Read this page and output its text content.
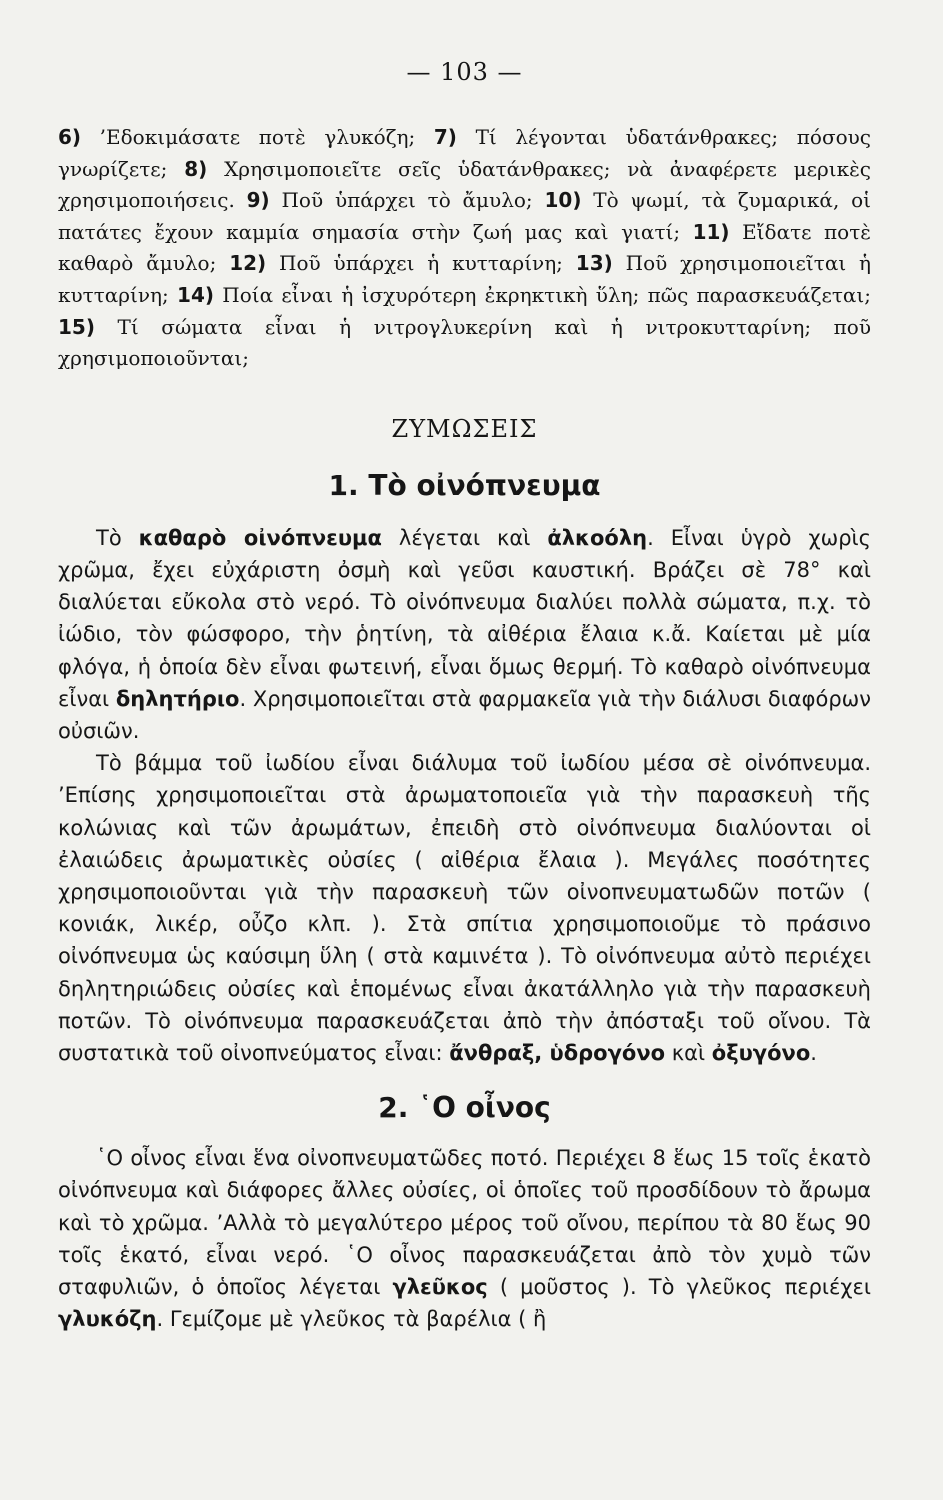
— 103 —

6) ’Εδοκιμάσατε ποτὲ γλυκόζη; 7) Τί λέγονται ὑδατάνθρακες; πόσους γνωρίζετε; 8) Χρησιμοποιεῖτε σεῖς ὑδατάνθρακες; νὰ ἀναφέρετε μερικὲς χρησιμοποιήσεις. 9) Ποῦ ὑπάρχει τὸ ἄμυλο; 10) Τὸ ψωμί, τὰ ζυμαρικά, οἱ πατάτες ἔχουν καμμία σημασία στὴν ζωή μας καὶ γιατί; 11) Εἴδατε ποτὲ καθαρὸ ἄμυλο; 12) Ποῦ ὑπάρχει ἡ κυτταρίνη; 13) Ποῦ χρησιμοποιεῖται ἡ κυτταρίνη; 14) Ποία εἶναι ἡ ἰσχυρότερη ἐκρηκτικὴ ὕλη; πῶς παρασκευάζεται; 15) Τί σώματα εἶναι ἡ νιτρογλυκερίνη καὶ ἡ νιτροκυτταρίνη; ποῦ χρησιμοποιοῦνται;

ΖΥΜΩΣΕΙΣ
1. Τὸ οἰνόπνευμα

Τὸ καθαρὸ οἰνόπνευμα λέγεται καὶ ἀλκοόλη. Εἶναι ὑγρὸ χωρὶς χρῶμα, ἔχει εὐχάριστη ὀσμὴ καὶ γεῦσι καυστική. Βράζει σὲ 78° καὶ διαλύεται εὔκολα στὸ νερό. Τὸ οἰνόπνευμα διαλύει πολλὰ σώματα, π.χ. τὸ ἰώδιο, τὸν φώσφορο, τὴν ῥητίνη, τὰ αἰθέρια ἔλαια κ.ἄ. Καίεται μὲ μία φλόγα, ἡ ὁποία δὲν εἶναι φωτεινή, εἶναι ὅμως θερμή. Τὸ καθαρὸ οἰνόπνευμα εἶναι δηλητήριο. Χρησιμοποιεῖται στὰ φαρμακεῖα γιὰ τὴν διάλυσι διαφόρων οὐσιῶν.

Τὸ βάμμα τοῦ ἰωδίου εἶναι διάλυμα τοῦ ἰωδίου μέσα σὲ οἰνόπνευμα. ’Επίσης χρησιμοποιεῖται στὰ ἀρωματοποιεῖα γιὰ τὴν παρασκευὴ τῆς κολώνιας καὶ τῶν ἀρωμάτων, ἐπειδὴ στὸ οἰνόπνευμα διαλύονται οἱ ἐλαιώδεις ἀρωματικὲς οὐσίες ( αἰθέρια ἔλαια ). Μεγάλες ποσότητες χρησιμοποιοῦνται γιὰ τὴν παρασκευὴ τῶν οἰνοπνευματωδῶν ποτῶν ( κονιάκ, λικέρ, οὖζο κλπ. ). Στὰ σπίτια χρησιμοποιοῦμε τὸ πράσινο οἰνόπνευμα ὡς καύσιμη ὕλη ( στὰ καμινέτα ). Τὸ οἰνόπνευμα αὐτὸ περιέχει δηλητηριώδεις οὐσίες καὶ ἑπομένως εἶναι ἀκατάλληλο γιὰ τὴν παρασκευὴ ποτῶν. Τὸ οἰνόπνευμα παρασκευάζεται ἀπὸ τὴν ἀπόσταξι τοῦ οἴνου. Τὰ συστατικὰ τοῦ οἰνοπνεύματος εἶναι: ἄνθραξ, ὑδρογόνο καὶ ὀξυγόνο.

2. ῾Ο οἶνος

῾Ο οἶνος εἶναι ἕνα οἰνοπνευματῶδες ποτό. Περιέχει 8 ἕως 15 τοῖς ἑκατὸ οἰνόπνευμα καὶ διάφορες ἄλλες οὐσίες, οἱ ὁποῖες τοῦ προσδίδουν τὸ ἄρωμα καὶ τὸ χρῶμα. ’Αλλὰ τὸ μεγαλύτερο μέρος τοῦ οἴνου, περίπου τὰ 80 ἕως 90 τοῖς ἑκατό, εἶναι νερό. ῾Ο οἶνος παρασκευάζεται ἀπὸ τὸν χυμὸ τῶν σταφυλιῶν, ὁ ὁποῖος λέγεται γλεῦκος ( μοῦστος ). Τὸ γλεῦκος περιέχει γλυκόζη. Γεμίζομε μὲ γλεῦκος τὰ βαρέλια ( ἢ
